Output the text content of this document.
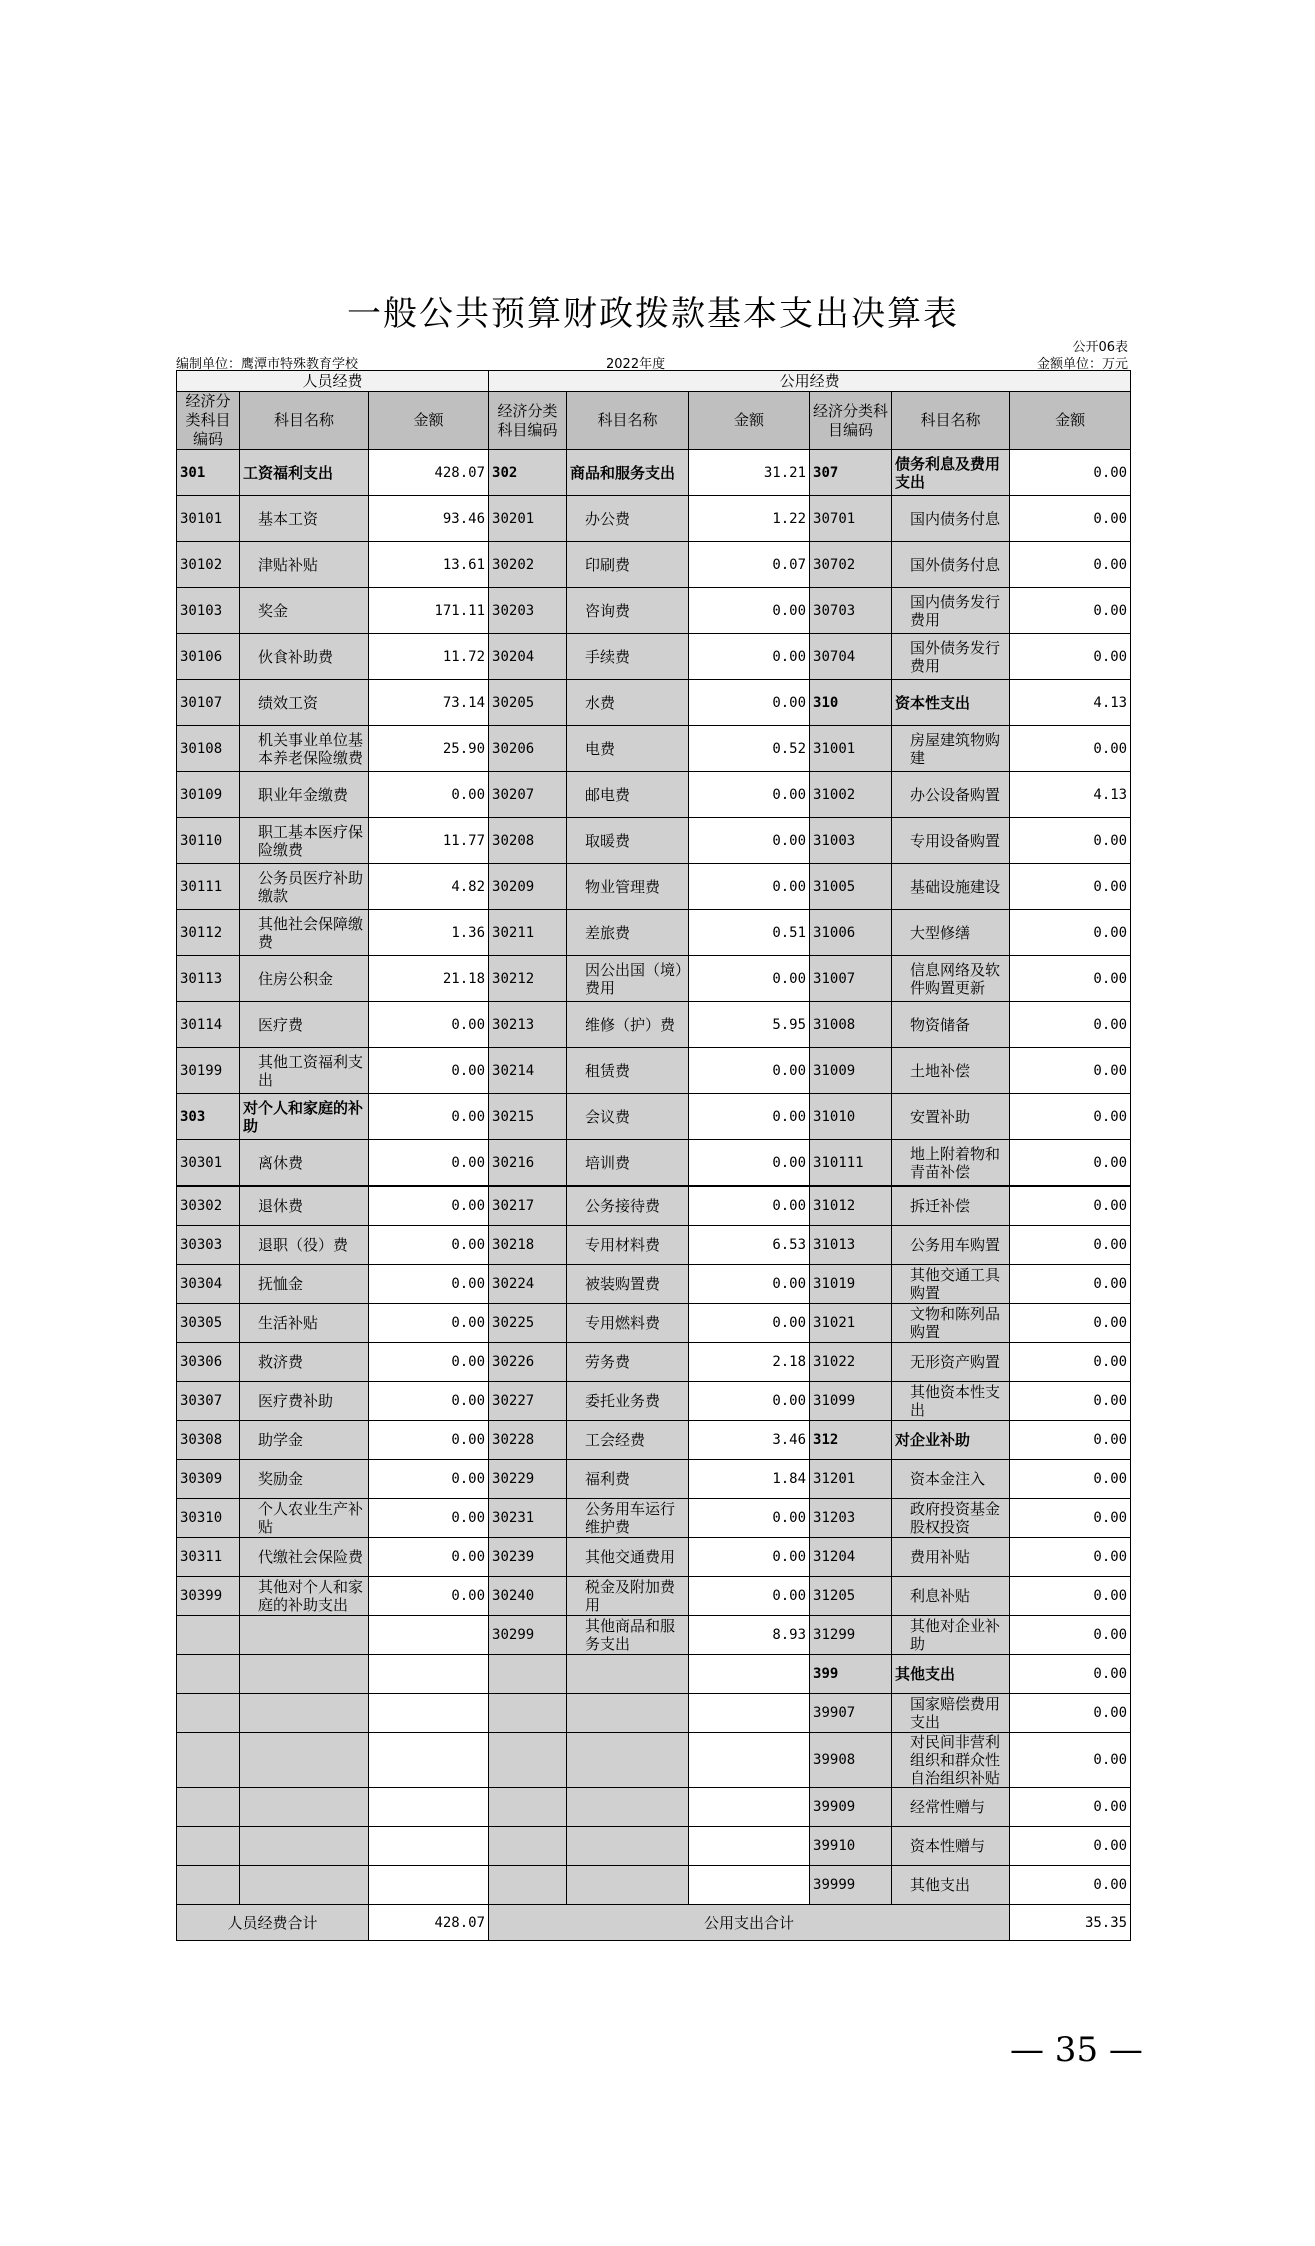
一般公共预算财政拨款基本支出决算表
公开06表
编制单位：鹰潭市特殊教育学校	2022年度	金额单位：万元
人员经费			公用经费					
经济分类科目编码	科目名称	金额	经济分类科目编码	科目名称	金额	经济分类科目编码	科目名称	金额
301	工资福利支出	428.07	302	商品和服务支出	31.21	307	债务利息及费用支出	0.00
30101	基本工资	93.46	30201	办公费	1.22	30701	国内债务付息	0.00
30102	津贴补贴	13.61	30202	印刷费	0.07	30702	国外债务付息	0.00
30103	奖金	171.11	30203	咨询费	0.00	30703	国内债务发行费用	0.00
30106	伙食补助费	11.72	30204	手续费	0.00	30704	国外债务发行费用	0.00
30107	绩效工资	73.14	30205	水费	0.00	310	资本性支出	4.13
30108	机关事业单位基本养老保险缴费	25.90	30206	电费	0.52	31001	房屋建筑物购建	0.00
30109	职业年金缴费	0.00	30207	邮电费	0.00	31002	办公设备购置	4.13
30110	职工基本医疗保险缴费	11.77	30208	取暖费	0.00	31003	专用设备购置	0.00
30111	公务员医疗补助缴款	4.82	30209	物业管理费	0.00	31005	基础设施建设	0.00
30112	其他社会保障缴费	1.36	30211	差旅费	0.51	31006	大型修缮	0.00
30113	住房公积金	21.18	30212	因公出国（境）费用	0.00	31007	信息网络及软件购置更新	0.00
30114	医疗费	0.00	30213	维修（护）费	5.95	31008	物资储备	0.00
30199	其他工资福利支出	0.00	30214	租赁费	0.00	31009	土地补偿	0.00
303	对个人和家庭的补助	0.00	30215	会议费	0.00	31010	安置补助	0.00
30301	离休费	0.00	30216	培训费	0.00	310111	地上附着物和青苗补偿	0.00
30302	退休费	0.00	30217	公务接待费	0.00	31012	拆迁补偿	0.00
30303	退职（役）费	0.00	30218	专用材料费	6.53	31013	公务用车购置	0.00
30304	抚恤金	0.00	30224	被装购置费	0.00	31019	其他交通工具购置	0.00
30305	生活补贴	0.00	30225	专用燃料费	0.00	31021	文物和陈列品购置	0.00
30306	救济费	0.00	30226	劳务费	2.18	31022	无形资产购置	0.00
30307	医疗费补助	0.00	30227	委托业务费	0.00	31099	其他资本性支出	0.00
30308	助学金	0.00	30228	工会经费	3.46	312	对企业补助	0.00
30309	奖励金	0.00	30229	福利费	1.84	31201	资本金注入	0.00
30310	个人农业生产补贴	0.00	30231	公务用车运行维护费	0.00	31203	政府投资基金股权投资	0.00
30311	代缴社会保险费	0.00	30239	其他交通费用	0.00	31204	费用补贴	0.00
30399	其他对个人和家庭的补助支出	0.00	30240	税金及附加费用	0.00	31205	利息补贴	0.00
			30299	其他商品和服务支出	8.93	31299	其他对企业补助	0.00
						399	其他支出	0.00
						39907	国家赔偿费用支出	0.00
						39908	对民间非营利组织和群众性自治组织补贴	0.00
						39909	经常性赠与	0.00
						39910	资本性赠与	0.00
						39999	其他支出	0.00
人员经费合计		428.07	公用支出合计					35.35
— 35 —
